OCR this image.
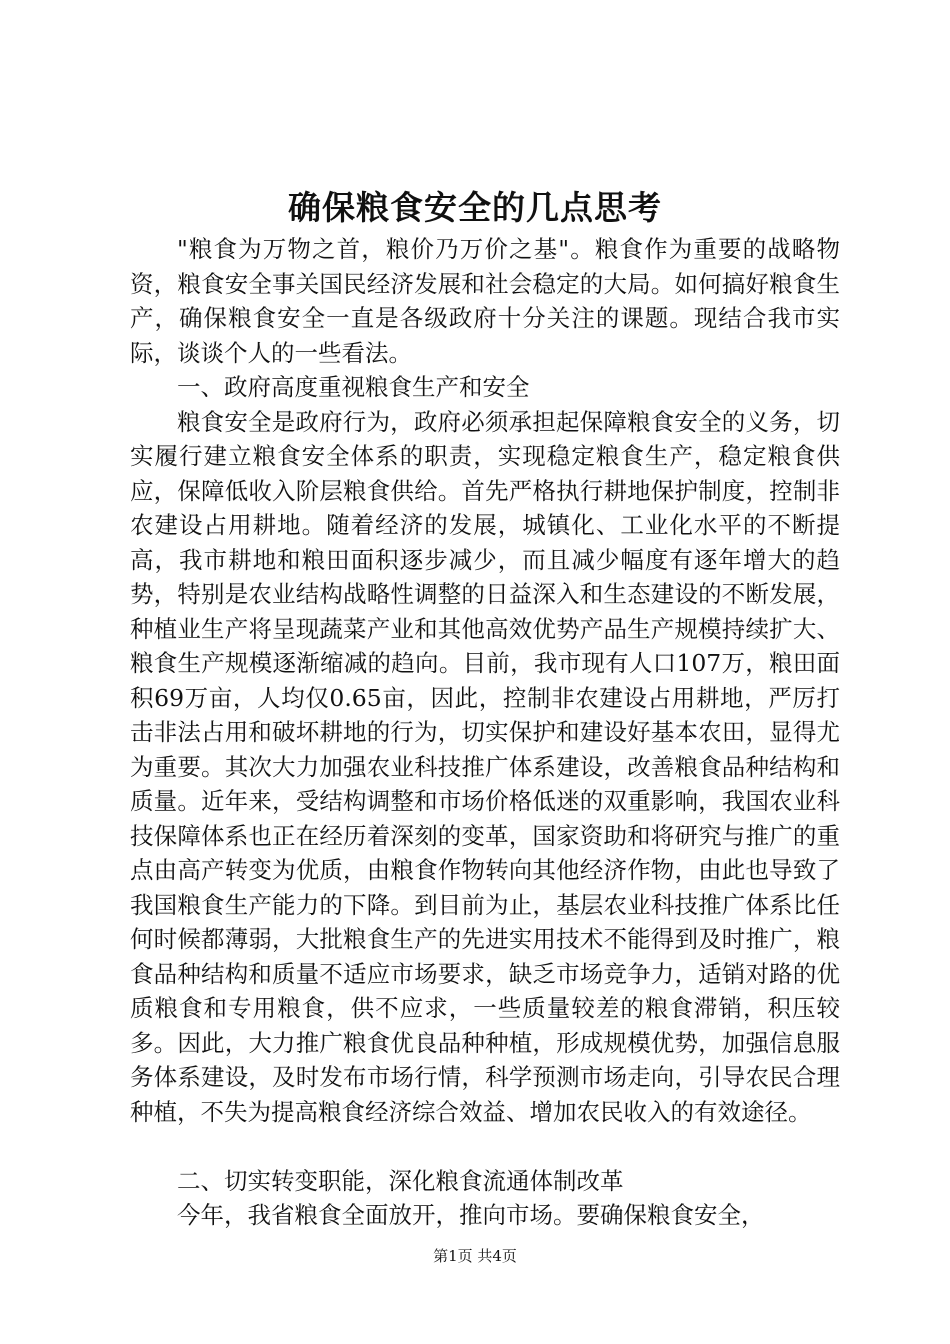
确保粮食安全的几点思考

"粮食为万物之首，粮价乃万价之基"。粮食作为重要的战略物资，粮食安全事关国民经济发展和社会稳定的大局。如何搞好粮食生产，确保粮食安全一直是各级政府十分关注的课题。现结合我市实际，谈谈个人的一些看法。

一、政府高度重视粮食生产和安全

粮食安全是政府行为，政府必须承担起保障粮食安全的义务，切实履行建立粮食安全体系的职责，实现稳定粮食生产，稳定粮食供应，保障低收入阶层粮食供给。首先严格执行耕地保护制度，控制非农建设占用耕地。随着经济的发展，城镇化、工业化水平的不断提高，我市耕地和粮田面积逐步减少，而且减少幅度有逐年增大的趋势，特别是农业结构战略性调整的日益深入和生态建设的不断发展，种植业生产将呈现蔬菜产业和其他高效优势产品生产规模持续扩大、粮食生产规模逐渐缩减的趋向。目前，我市现有人口107万，粮田面积69万亩，人均仅0.65亩，因此，控制非农建设占用耕地，严厉打击非法占用和破坏耕地的行为，切实保护和建设好基本农田，显得尤为重要。其次大力加强农业科技推广体系建设，改善粮食品种结构和质量。近年来，受结构调整和市场价格低迷的双重影响，我国农业科技保障体系也正在经历着深刻的变革，国家资助和将研究与推广的重点由高产转变为优质，由粮食作物转向其他经济作物，由此也导致了我国粮食生产能力的下降。到目前为止，基层农业科技推广体系比任何时候都薄弱，大批粮食生产的先进实用技术不能得到及时推广，粮食品种结构和质量不适应市场要求，缺乏市场竞争力，适销对路的优质粮食和专用粮食，供不应求，一些质量较差的粮食滞销，积压较多。因此，大力推广粮食优良品种种植，形成规模优势，加强信息服务体系建设，及时发布市场行情，科学预测市场走向，引导农民合理种植，不失为提高粮食经济综合效益、增加农民收入的有效途径。

二、切实转变职能，深化粮食流通体制改革

今年，我省粮食全面放开，推向市场。要确保粮食安全，

第1页 共4页
